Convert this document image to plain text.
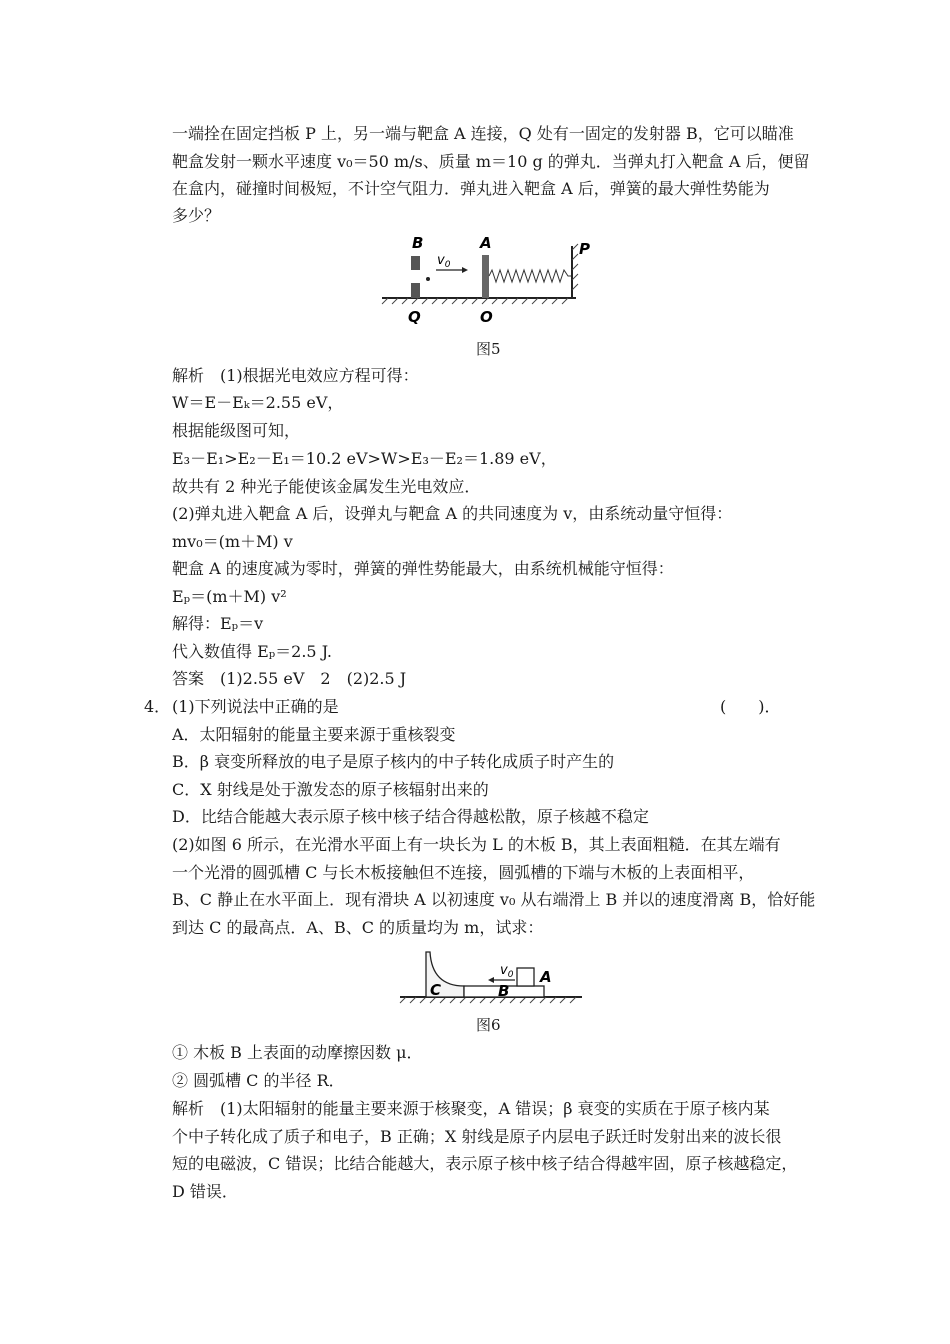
一端拴在固定挡板 P 上，另一端与靶盒 A 连接，Q 处有一固定的发射器 B，它可以瞄准
靶盒发射一颗水平速度 v₀＝50 m/s、质量 m＝10 g 的弹丸．当弹丸打入靶盒 A 后，便留
在盒内，碰撞时间极短，不计空气阻力．弹丸进入靶盒 A 后，弹簧的最大弹性势能为
多少？
B
$v_0$
A	P
Q	O
图5
解析　(1)根据光电效应方程可得：
W＝E－Eₖ＝2.55 eV，
根据能级图可知，
E₃－E₁>E₂－E₁＝10.2 eV>W>E₃－E₂＝1.89 eV，
故共有 2 种光子能使该金属发生光电效应．
(2)弹丸进入靶盒 A 后，设弹丸与靶盒 A 的共同速度为 v，由系统动量守恒得：
mv₀＝(m＋M) v
靶盒 A 的速度减为零时，弹簧的弹性势能最大，由系统机械能守恒得：
Eₚ＝(m＋M) v²
解得：Eₚ＝v
代入数值得 Eₚ＝2.5 J.
答案　(1)2.55 eV　2　(2)2.5 J
4． (1)下列说法中正确的是	(　　)．
A．太阳辐射的能量主要来源于重核裂变
B．β 衰变所释放的电子是原子核内的中子转化成质子时产生的
C．X 射线是处于激发态的原子核辐射出来的
D．比结合能越大表示原子核中核子结合得越松散，原子核越不稳定
(2)如图 6 所示，在光滑水平面上有一块长为 L 的木板 B，其上表面粗糙．在其左端有
一个光滑的圆弧槽 C 与长木板接触但不连接，圆弧槽的下端与木板的上表面相平，
B、C 静止在水平面上．现有滑块 A 以初速度 v₀ 从右端滑上 B 并以的速度滑离 B，恰好能
到达 C 的最高点．A、B、C 的质量均为 m，试求：
C	B
A
$v_0$
图6
① 木板 B 上表面的动摩擦因数 μ．
② 圆弧槽 C 的半径 R．
解析　(1)太阳辐射的能量主要来源于核聚变，A 错误；β 衰变的实质在于原子核内某
个中子转化成了质子和电子，B 正确；X 射线是原子内层电子跃迁时发射出来的波长很
短的电磁波，C 错误；比结合能越大，表示原子核中核子结合得越牢固，原子核越稳定，
D 错误．
